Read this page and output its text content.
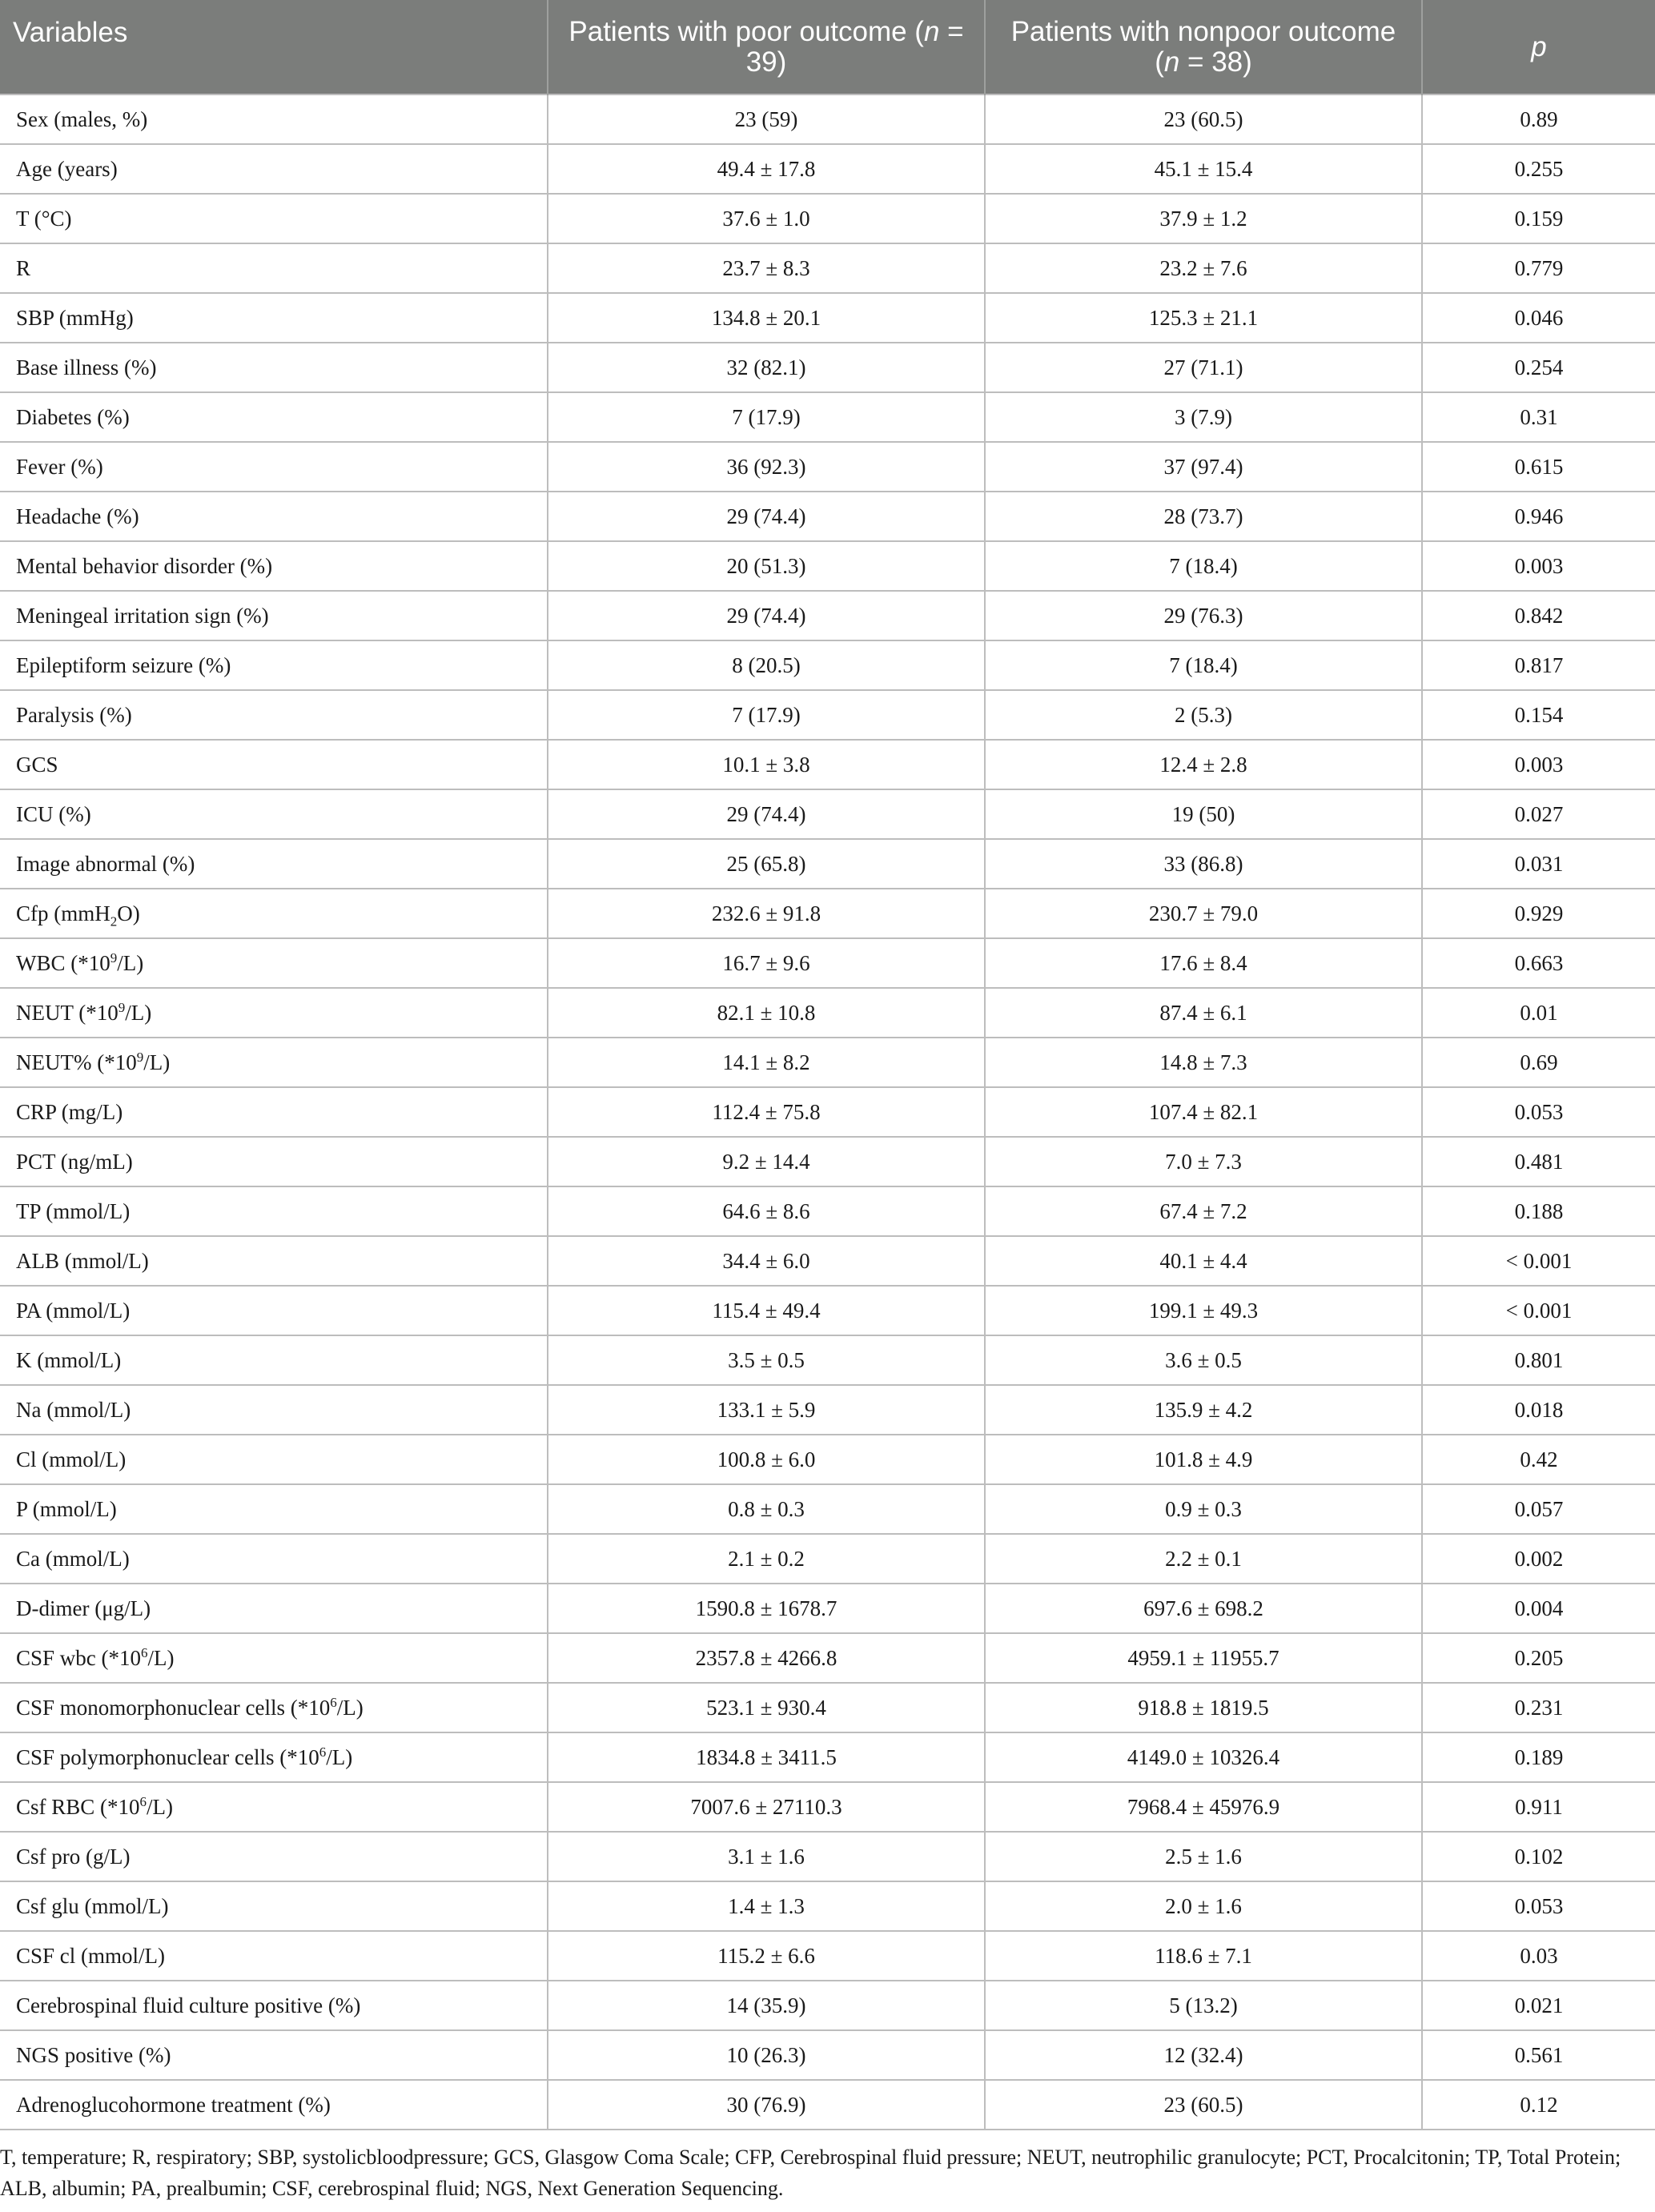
Variables	Patients with poor outcome (n = 39)	Patients with nonpoor outcome (n = 38)	p
Sex (males, %)	23 (59)	23 (60.5)	0.89
Age (years)	49.4 ± 17.8	45.1 ± 15.4	0.255
T (°C)	37.6 ± 1.0	37.9 ± 1.2	0.159
R	23.7 ± 8.3	23.2 ± 7.6	0.779
SBP (mmHg)	134.8 ± 20.1	125.3 ± 21.1	0.046
Base illness (%)	32 (82.1)	27 (71.1)	0.254
Diabetes (%)	7 (17.9)	3 (7.9)	0.31
Fever (%)	36 (92.3)	37 (97.4)	0.615
Headache (%)	29 (74.4)	28 (73.7)	0.946
Mental behavior disorder (%)	20 (51.3)	7 (18.4)	0.003
Meningeal irritation sign (%)	29 (74.4)	29 (76.3)	0.842
Epileptiform seizure (%)	8 (20.5)	7 (18.4)	0.817
Paralysis (%)	7 (17.9)	2 (5.3)	0.154
GCS	10.1 ± 3.8	12.4 ± 2.8	0.003
ICU (%)	29 (74.4)	19 (50)	0.027
Image abnormal (%)	25 (65.8)	33 (86.8)	0.031
Cfp (mmH$_2$O)	232.6 ± 91.8	230.7 ± 79.0	0.929
WBC $(*10^9/L)$	16.7 ± 9.6	17.6 ± 8.4	0.663
NEUT $(*10^9/L)$	82.1 ± 10.8	87.4 ± 6.1	0.01
NEUT% $(*10^9/L)$	14.1 ± 8.2	14.8 ± 7.3	0.69
CRP (mg/L)	112.4 ± 75.8	107.4 ± 82.1	0.053
PCT (ng/mL)	9.2 ± 14.4	7.0 ± 7.3	0.481
TP (mmol/L)	64.6 ± 8.6	67.4 ± 7.2	0.188
ALB (mmol/L)	34.4 ± 6.0	40.1 ± 4.4	< 0.001
PA (mmol/L)	115.4 ± 49.4	199.1 ± 49.3	< 0.001
K (mmol/L)	3.5 ± 0.5	3.6 ± 0.5	0.801
Na (mmol/L)	133.1 ± 5.9	135.9 ± 4.2	0.018
Cl (mmol/L)	100.8 ± 6.0	101.8 ± 4.9	0.42
P (mmol/L)	0.8 ± 0.3	0.9 ± 0.3	0.057
Ca (mmol/L)	2.1 ± 0.2	2.2 ± 0.1	0.002
D-dimer (μg/L)	1590.8 ± 1678.7	697.6 ± 698.2	0.004
CSF wbc $(*10^6/L)$	2357.8 ± 4266.8	4959.1 ± 11955.7	0.205
CSF monomorphonuclear cells $(*10^6/L)$	523.1 ± 930.4	918.8 ± 1819.5	0.231
CSF polymorphonuclear cells $(*10^6/L)$	1834.8 ± 3411.5	4149.0 ± 10326.4	0.189
Csf RBC $(*10^6/L)$	7007.6 ± 27110.3	7968.4 ± 45976.9	0.911
Csf pro (g/L)	3.1 ± 1.6	2.5 ± 1.6	0.102
Csf glu (mmol/L)	1.4 ± 1.3	2.0 ± 1.6	0.053
CSF cl (mmol/L)	115.2 ± 6.6	118.6 ± 7.1	0.03
Cerebrospinal fluid culture positive (%)	14 (35.9)	5 (13.2)	0.021
NGS positive (%)	10 (26.3)	12 (32.4)	0.561
Adrenoglucohormone treatment (%)	30 (76.9)	23 (60.5)	0.12
T, temperature; R, respiratory; SBP, systolicbloodpressure; GCS, Glasgow Coma Scale; CFP, Cerebrospinal fluid pressure; NEUT, neutrophilic granulocyte; PCT, Procalcitonin; TP, Total Protein; ALB, albumin; PA, prealbumin; CSF, cerebrospinal fluid; NGS, Next Generation Sequencing.
